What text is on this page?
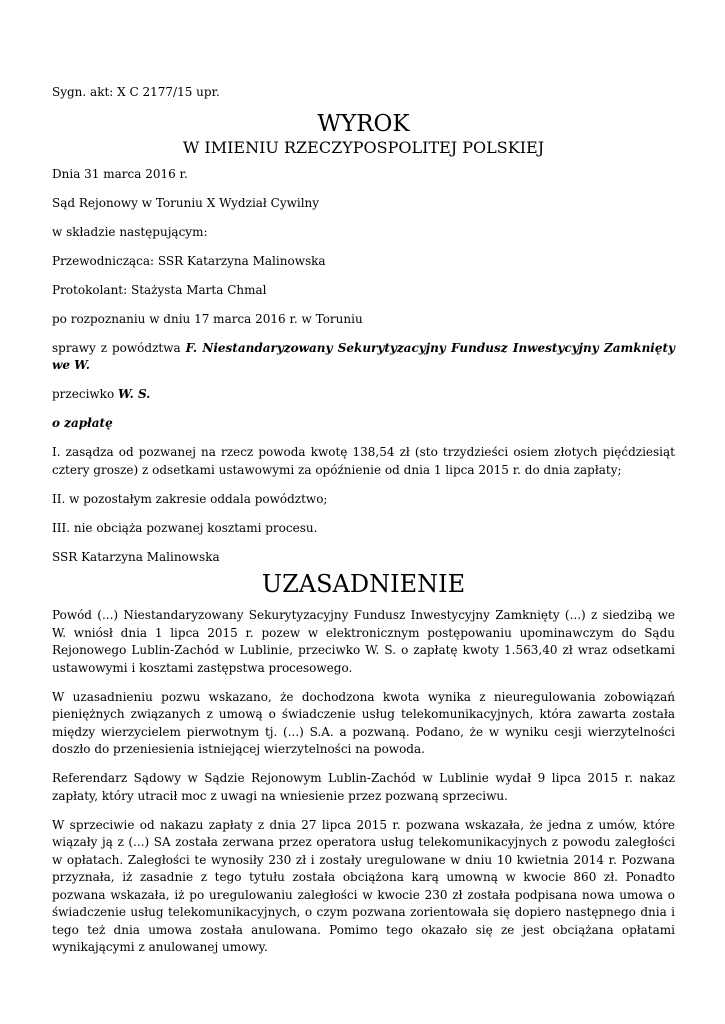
Sygn. akt: X C 2177/15 upr.

WYROK
W IMIENIU RZECZYPOSPOLITEJ POLSKIEJ

Dnia 31 marca 2016 r.

Sąd Rejonowy w Toruniu X Wydział Cywilny

w składzie następującym:

Przewodnicząca: SSR Katarzyna Malinowska

Protokolant: Stażysta Marta Chmal

po rozpoznaniu w dniu 17 marca 2016 r. w Toruniu

sprawy z powództwa F. Niestandaryzowany Sekurytyzacyjny Fundusz Inwestycyjny Zamknięty we W.

przeciwko W. S.

o zapłatę

I. zasądza od pozwanej na rzecz powoda kwotę 138,54 zł (sto trzydzieści osiem złotych pięćdziesiąt cztery grosze) z odsetkami ustawowymi za opóźnienie od dnia 1 lipca 2015 r. do dnia zapłaty;

II. w pozostałym zakresie oddala powództwo;

III. nie obciąża pozwanej kosztami procesu.

SSR Katarzyna Malinowska

UZASADNIENIE

Powód (...) Niestandaryzowany Sekurytyzacyjny Fundusz Inwestycyjny Zamknięty (...) z siedzibą we W. wniósł dnia 1 lipca 2015 r. pozew w elektronicznym postępowaniu upominawczym do Sądu Rejonowego Lublin-Zachód w Lublinie, przeciwko W. S. o zapłatę kwoty 1.563,40 zł wraz odsetkami ustawowymi i kosztami zastępstwa procesowego.

W uzasadnieniu pozwu wskazano, że dochodzona kwota wynika z nieuregulowania zobowiązań pieniężnych związanych z umową o świadczenie usług telekomunikacyjnych, która zawarta została między wierzycielem pierwotnym tj. (...) S.A. a pozwaną. Podano, że w wyniku cesji wierzytelności doszło do przeniesienia istniejącej wierzytelności na powoda.

Referendarz Sądowy w Sądzie Rejonowym Lublin-Zachód w Lublinie wydał 9 lipca 2015 r. nakaz zapłaty, który utracił moc z uwagi na wniesienie przez pozwaną sprzeciwu.

W sprzeciwie od nakazu zapłaty z dnia 27 lipca 2015 r. pozwana wskazała, że jedna z umów, które wiązały ją z (...) SA została zerwana przez operatora usług telekomunikacyjnych z powodu zaległości w opłatach. Zaległości te wynosiły 230 zł i zostały uregulowane w dniu 10 kwietnia 2014 r. Pozwana przyznała, iż zasadnie z tego tytułu została obciążona karą umowną w kwocie 860 zł. Ponadto pozwana wskazała, iż po uregulowaniu zaległości w kwocie 230 zł została podpisana nowa umowa o świadczenie usług telekomunikacyjnych, o czym pozwana zorientowała się dopiero następnego dnia i tego też dnia umowa została anulowana. Pomimo tego okazało się ze jest obciążana opłatami wynikającymi z anulowanej umowy.
